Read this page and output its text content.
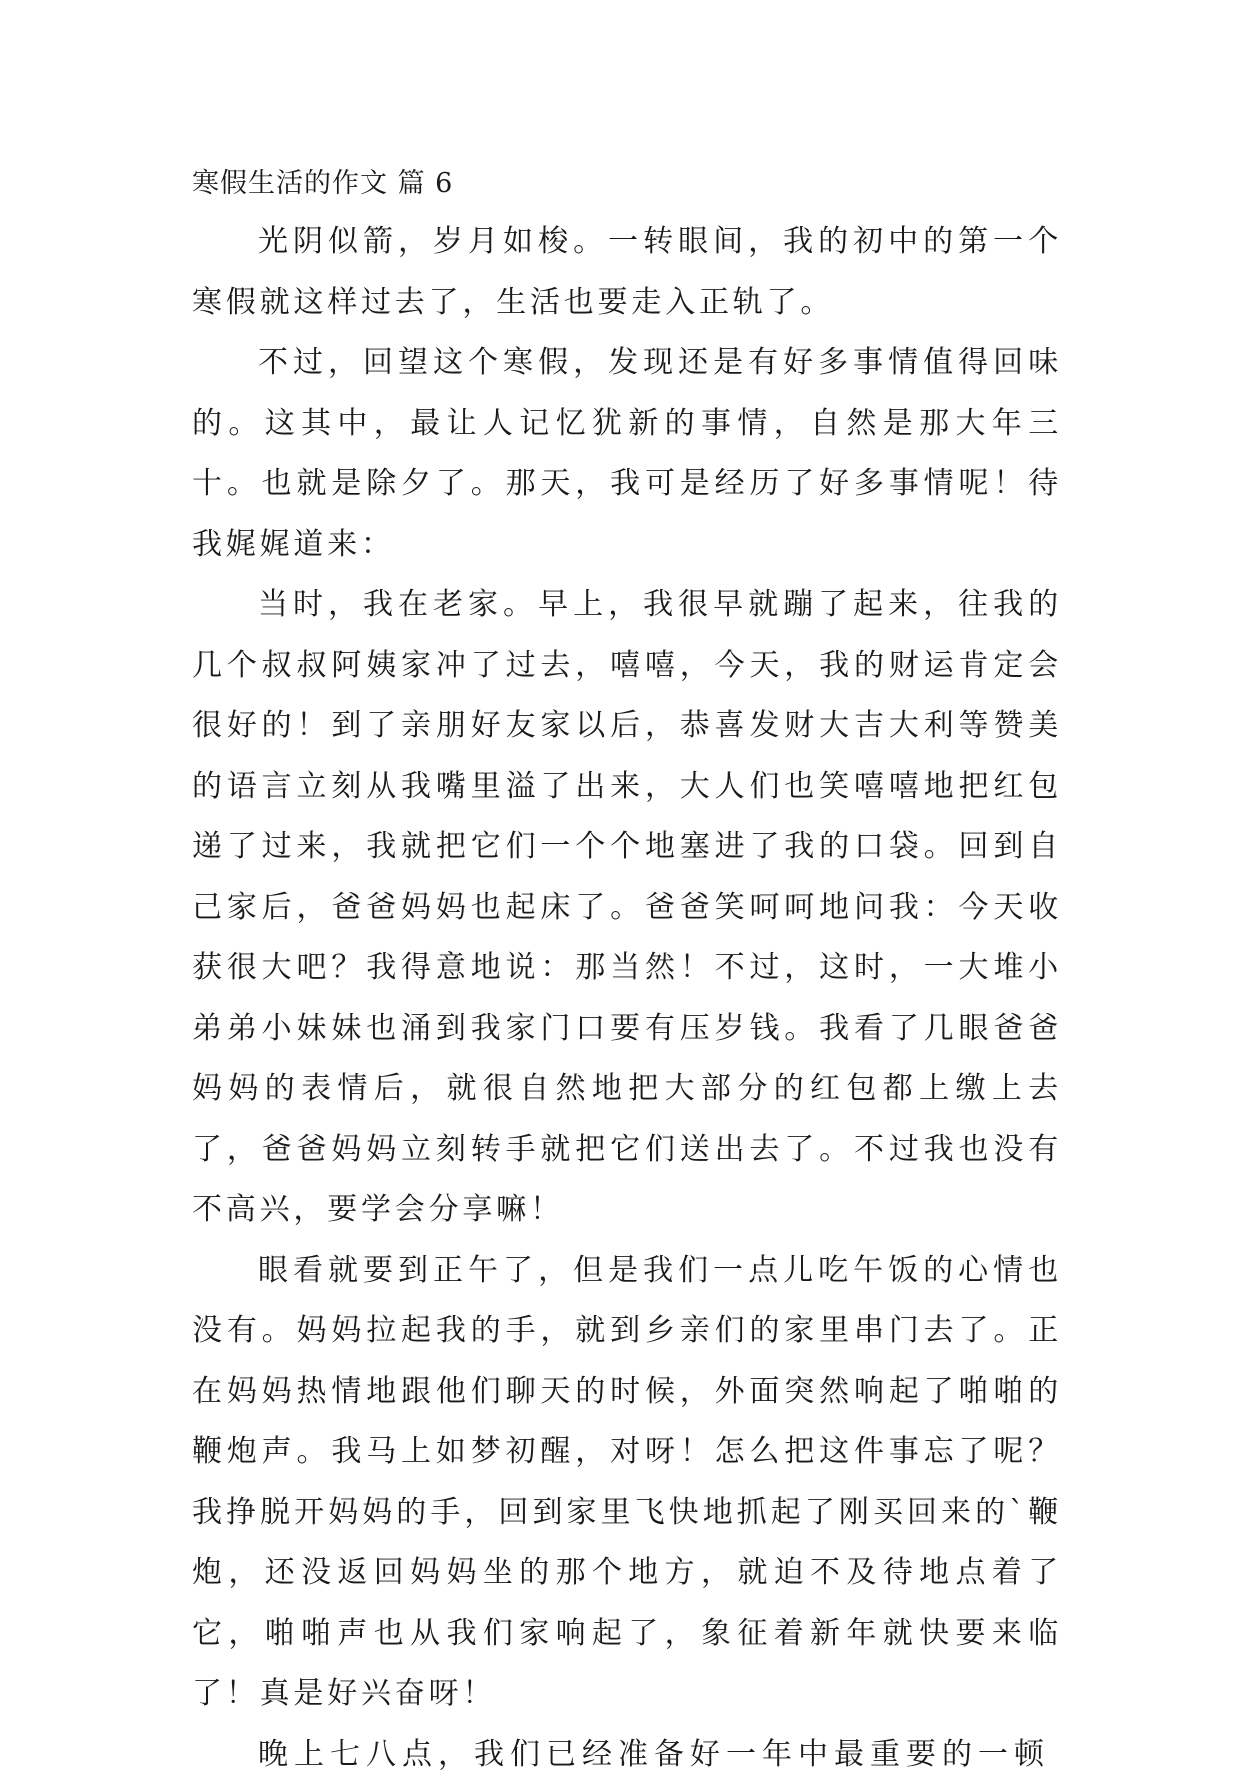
寒假生活的作文 篇 6

光阴似箭，岁月如梭。一转眼间，我的初中的第一个寒假就这样过去了，生活也要走入正轨了。

不过，回望这个寒假，发现还是有好多事情值得回味的。这其中，最让人记忆犹新的事情，自然是那大年三十。也就是除夕了。那天，我可是经历了好多事情呢！待我娓娓道来：

当时，我在老家。早上，我很早就蹦了起来，往我的几个叔叔阿姨家冲了过去，嘻嘻，今天，我的财运肯定会很好的！到了亲朋好友家以后，恭喜发财大吉大利等赞美的语言立刻从我嘴里溢了出来，大人们也笑嘻嘻地把红包递了过来，我就把它们一个个地塞进了我的口袋。回到自己家后，爸爸妈妈也起床了。爸爸笑呵呵地问我：今天收获很大吧？我得意地说：那当然！不过，这时，一大堆小弟弟小妹妹也涌到我家门口要有压岁钱。我看了几眼爸爸妈妈的表情后，就很自然地把大部分的红包都上缴上去了，爸爸妈妈立刻转手就把它们送出去了。不过我也没有不高兴，要学会分享嘛！

眼看就要到正午了，但是我们一点儿吃午饭的心情也没有。妈妈拉起我的手，就到乡亲们的家里串门去了。正在妈妈热情地跟他们聊天的时候，外面突然响起了啪啪的鞭炮声。我马上如梦初醒，对呀！怎么把这件事忘了呢？我挣脱开妈妈的手，回到家里飞快地抓起了刚买回来的`鞭炮，还没返回妈妈坐的那个地方，就迫不及待地点着了它，啪啪声也从我们家响起了，象征着新年就快要来临了！真是好兴奋呀！

晚上七八点，我们已经准备好一年中最重要的一顿
